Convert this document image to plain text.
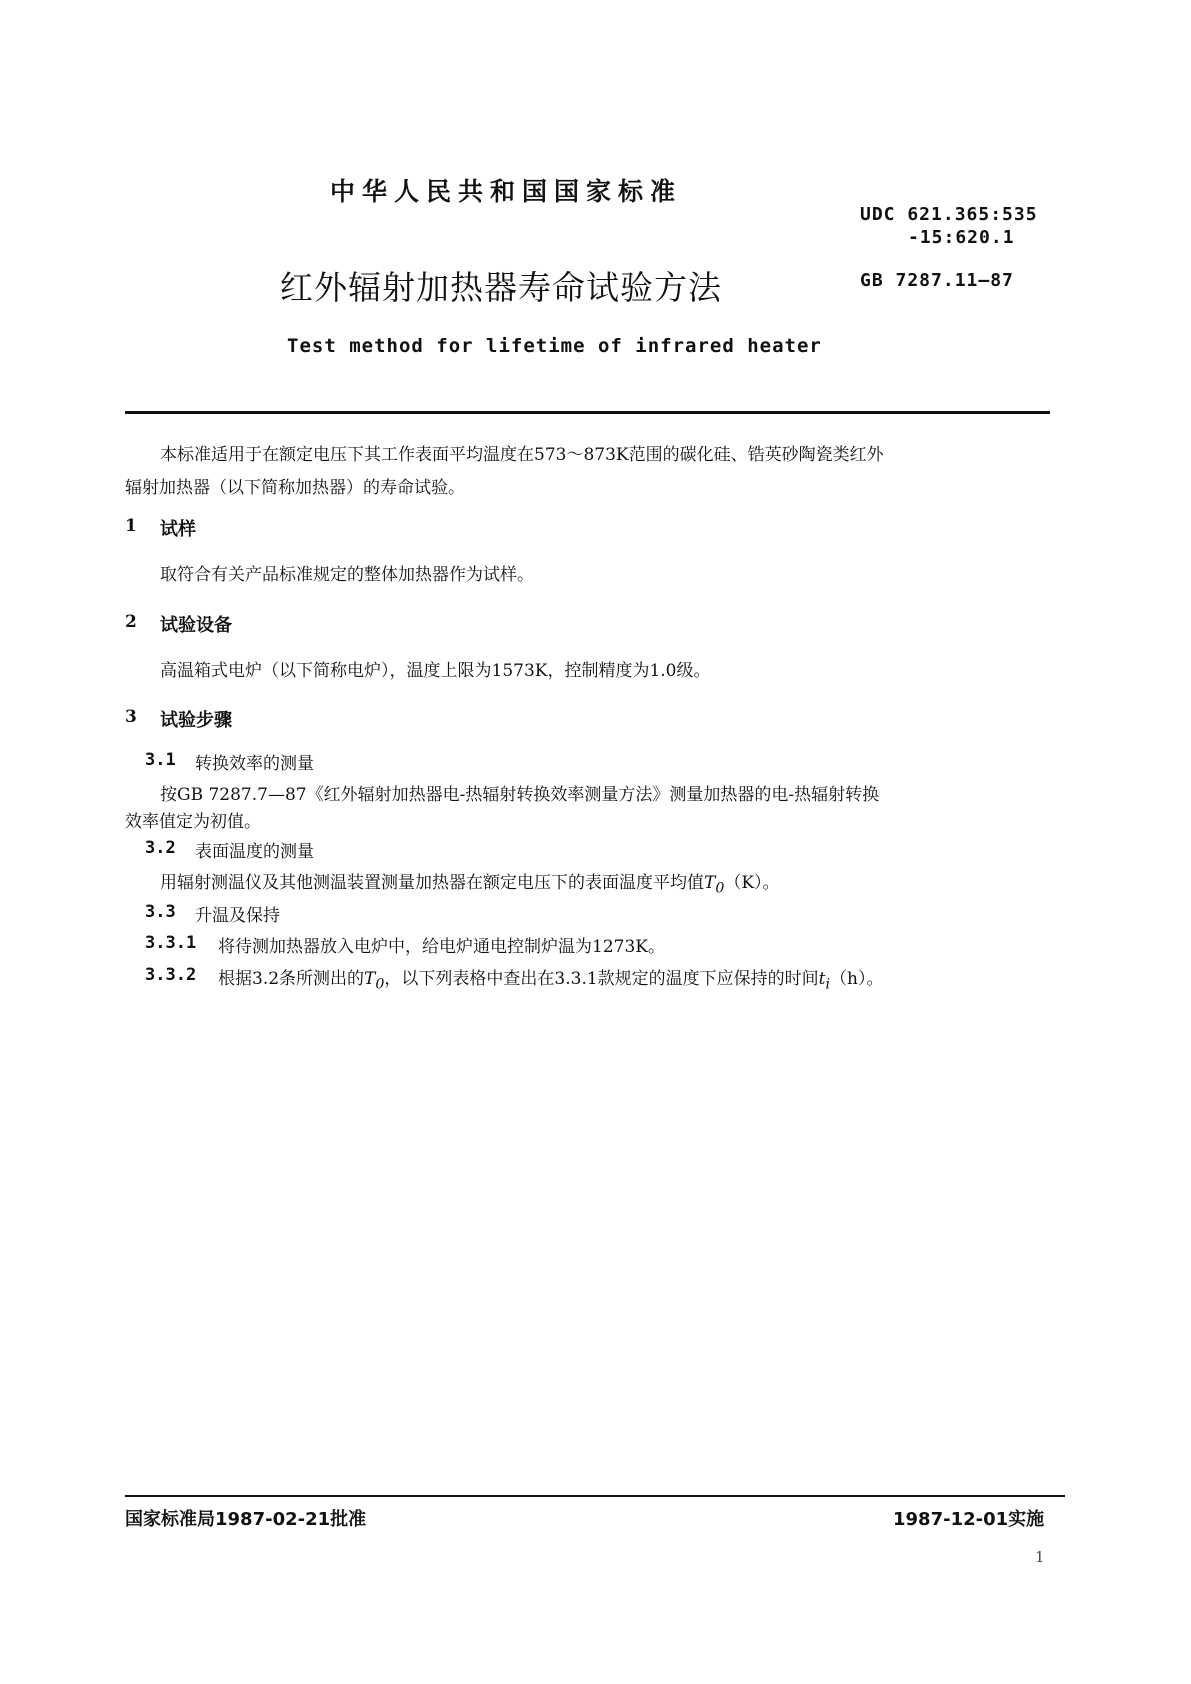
中华人民共和国国家标准
UDC 621.365:535
-15:620.1
红外辐射加热器寿命试验方法	GB 7287.11—87
Test method for lifetime of infrared heater
本标准适用于在额定电压下其工作表面平均温度在573～873K范围的碳化硅、锆英砂陶瓷类红外
辐射加热器（以下简称加热器）的寿命试验。
1 试样
取符合有关产品标准规定的整体加热器作为试样。
2 试验设备
高温箱式电炉（以下简称电炉），温度上限为1573K，控制精度为1.0级。
3 试验步骤
3.1 转换效率的测量
按GB 7287.7—87《红外辐射加热器电-热辐射转换效率测量方法》测量加热器的电-热辐射转换
效率值定为初值。
3.2 表面温度的测量
用辐射测温仪及其他测温装置测量加热器在额定电压下的表面温度平均值$T_0(K)$。
3.3 升温及保持
3.3.1 将待测加热器放入电炉中，给电炉通电控制炉温为1273K。
3.3.2 根据3.2条所测出的$T_0$，以下列表格中查出在3.3.1款规定的温度下应保持的时间$t_i(h)$。
国家标准局1987-02-21批准	1987-12-01实施
1
